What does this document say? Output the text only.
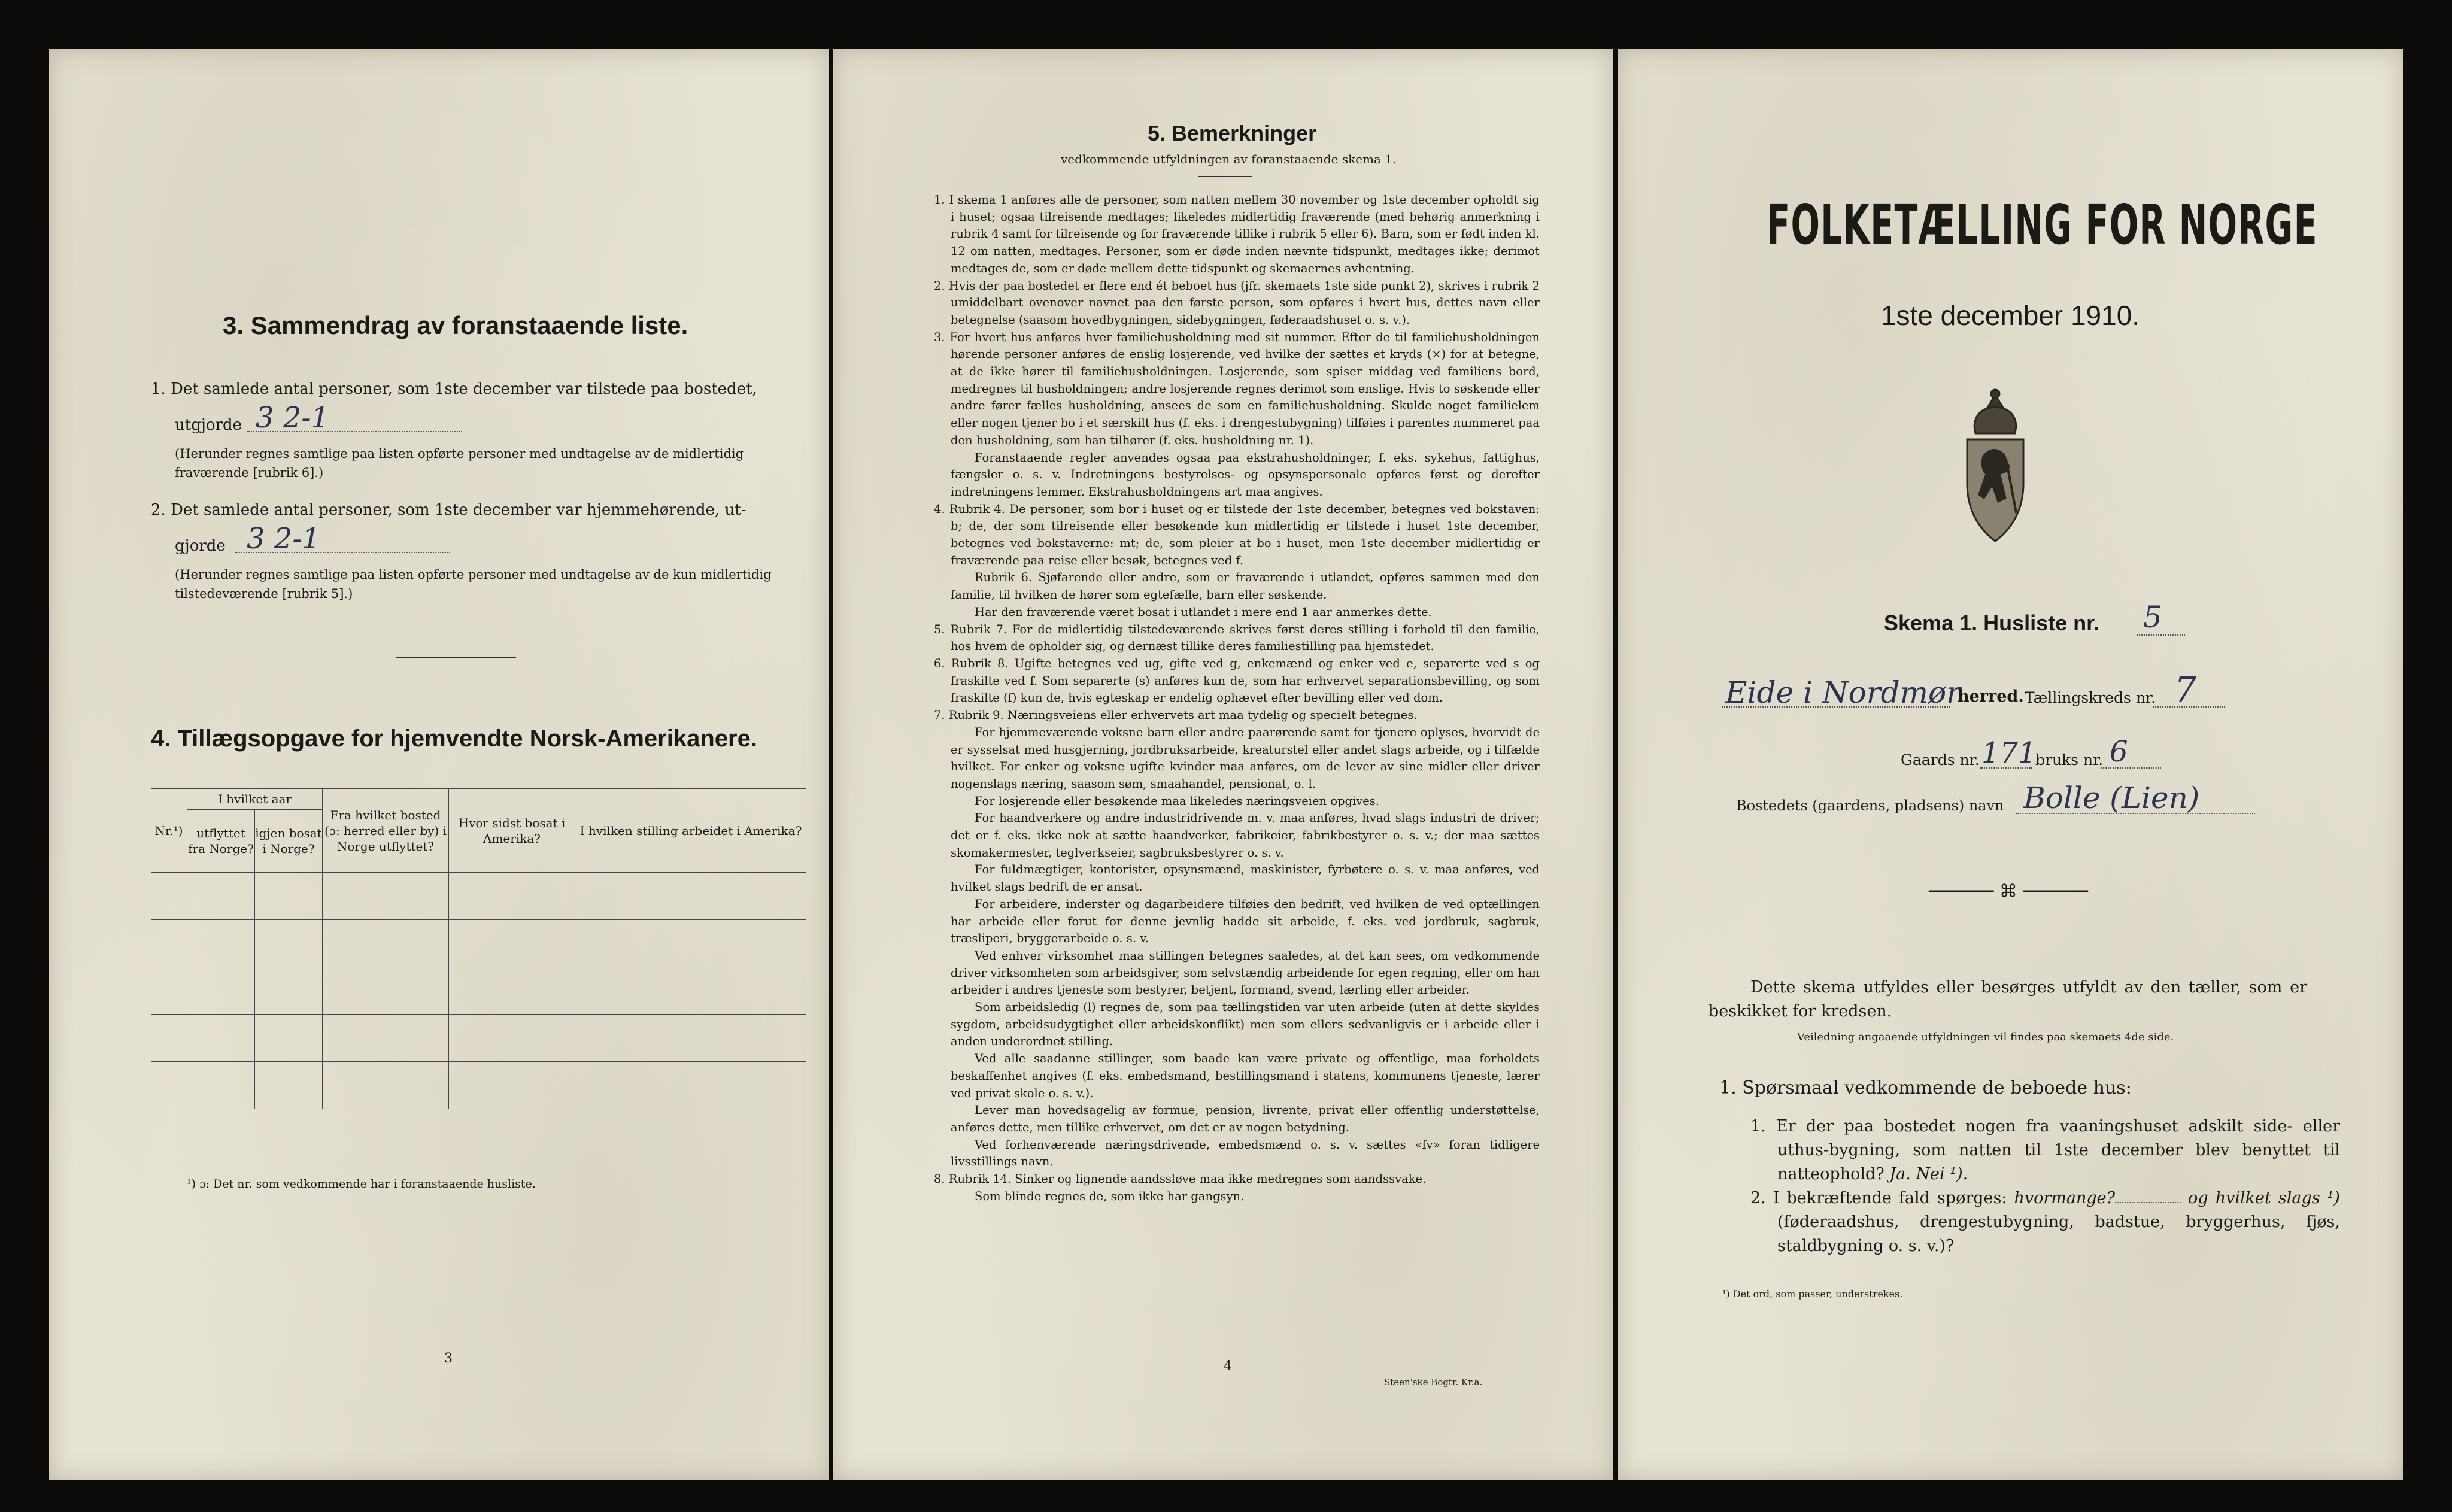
3. Sammendrag av foranstaaende liste.
1. Det samlede antal personer, som 1ste december var tilstede paa bostedet,
utgjorde 3 2-1
(Herunder regnes samtlige paa listen opførte personer med undtagelse av de midlertidig fraværende [rubrik 6].)
2. Det samlede antal personer, som 1ste december var hjemmehørende, ut-
gjorde 3 2-1
(Herunder regnes samtlige paa listen opførte personer med undtagelse av de kun midlertidig tilstedeværende [rubrik 5].)
4. Tillægsopgave for hjemvendte Norsk-Amerikanere.
Nr.¹)	I hvilket aar		Fra hvilket bosted (ɔ: herred eller by) i Norge utflyttet?	Hvor sidst bosat i Amerika?	I hvilken stilling arbeidet i Amerika?
	utflyttet fra Norge?	igjen bosat i Norge?			

¹) ɔ: Det nr. som vedkommende har i foranstaaende husliste.
3
5. Bemerkninger
vedkommende utfyldningen av foranstaaende skema 1.

1. I skema 1 anføres alle de personer, som natten mellem 30 november og 1ste december opholdt sig i huset; ogsaa tilreisende medtages; likeledes midlertidig fraværende (med behørig anmerkning i rubrik 4 samt for tilreisende og for fraværende tillike i rubrik 5 eller 6). Barn, som er født inden kl. 12 om natten, medtages. Personer, som er døde inden nævnte tidspunkt, medtages ikke; derimot medtages de, som er døde mellem dette tidspunkt og skemaernes avhentning.

2. Hvis der paa bostedet er flere end ét beboet hus (jfr. skemaets 1ste side punkt 2), skrives i rubrik 2 umiddelbart ovenover navnet paa den første person, som opføres i hvert hus, dettes navn eller betegnelse (saasom hovedbygningen, sidebygningen, føderaadshuset o. s. v.).

3. For hvert hus anføres hver familiehusholdning med sit nummer. Efter de til familiehusholdningen hørende personer anføres de enslig losjerende, ved hvilke der sættes et kryds (×) for at betegne, at de ikke hører til familiehusholdningen. Losjerende, som spiser middag ved familiens bord, medregnes til husholdningen; andre losjerende regnes derimot som enslige. Hvis to søskende eller andre fører fælles husholdning, ansees de som en familiehusholdning. Skulde noget familielem eller nogen tjener bo i et særskilt hus (f. eks. i drengestubygning) tilføies i parentes nummeret paa den husholdning, som han tilhører (f. eks. husholdning nr. 1).

Foranstaaende regler anvendes ogsaa paa ekstrahusholdninger, f. eks. sykehus, fattighus, fængsler o. s. v. Indretningens bestyrelses- og opsynspersonale opføres først og derefter indretningens lemmer. Ekstrahusholdningens art maa angives.

4. Rubrik 4. De personer, som bor i huset og er tilstede der 1ste december, betegnes ved bokstaven: b; de, der som tilreisende eller besøkende kun midlertidig er tilstede i huset 1ste december, betegnes ved bokstaverne: mt; de, som pleier at bo i huset, men 1ste december midlertidig er fraværende paa reise eller besøk, betegnes ved f.

Rubrik 6. Sjøfarende eller andre, som er fraværende i utlandet, opføres sammen med den familie, til hvilken de hører som egtefælle, barn eller søskende.

Har den fraværende været bosat i utlandet i mere end 1 aar anmerkes dette.

5. Rubrik 7. For de midlertidig tilstedeværende skrives først deres stilling i forhold til den familie, hos hvem de opholder sig, og dernæst tillike deres familiestilling paa hjemstedet.

6. Rubrik 8. Ugifte betegnes ved ug, gifte ved g, enkemænd og enker ved e, separerte ved s og fraskilte ved f. Som separerte (s) anføres kun de, som har erhvervet separationsbevilling, og som fraskilte (f) kun de, hvis egteskap er endelig ophævet efter bevilling eller ved dom.

7. Rubrik 9. Næringsveiens eller erhvervets art maa tydelig og specielt betegnes.

For hjemmeværende voksne barn eller andre paarørende samt for tjenere oplyses, hvorvidt de er sysselsat med husgjerning, jordbruksarbeide, kreaturstel eller andet slags arbeide, og i tilfælde hvilket. For enker og voksne ugifte kvinder maa anføres, om de lever av sine midler eller driver nogenslags næring, saasom søm, smaahandel, pensionat, o. l.

For losjerende eller besøkende maa likeledes næringsveien opgives.

For haandverkere og andre industridrivende m. v. maa anføres, hvad slags industri de driver; det er f. eks. ikke nok at sætte haandverker, fabrikeier, fabrikbestyrer o. s. v.; der maa sættes skomakermester, teglverkseier, sagbruksbestyrer o. s. v.

For fuldmægtiger, kontorister, opsynsmænd, maskinister, fyrbøtere o. s. v. maa anføres, ved hvilket slags bedrift de er ansat.

For arbeidere, inderster og dagarbeidere tilføies den bedrift, ved hvilken de ved optællingen har arbeide eller forut for denne jevnlig hadde sit arbeide, f. eks. ved jordbruk, sagbruk, træsliperi, bryggerarbeide o. s. v.

Ved enhver virksomhet maa stillingen betegnes saaledes, at det kan sees, om vedkommende driver virksomheten som arbeidsgiver, som selvstændig arbeidende for egen regning, eller om han arbeider i andres tjeneste som bestyrer, betjent, formand, svend, lærling eller arbeider.

Som arbeidsledig (l) regnes de, som paa tællingstiden var uten arbeide (uten at dette skyldes sygdom, arbeidsudygtighet eller arbeidskonflikt) men som ellers sedvanligvis er i arbeide eller i anden underordnet stilling.

Ved alle saadanne stillinger, som baade kan være private og offentlige, maa forholdets beskaffenhet angives (f. eks. embedsmand, bestillingsmand i statens, kommunens tjeneste, lærer ved privat skole o. s. v.).

Lever man hovedsagelig av formue, pension, livrente, privat eller offentlig understøttelse, anføres dette, men tillike erhvervet, om det er av nogen betydning.

Ved forhenværende næringsdrivende, embedsmænd o. s. v. sættes «fv» foran tidligere livsstillings navn.

8. Rubrik 14. Sinker og lignende aandssløve maa ikke medregnes som aandssvake.

Som blinde regnes de, som ikke har gangsyn.

4
Steen'ske Bogtr. Kr.a.
FOLKETÆLLING FOR NORGE
1ste december 1910.
Skema 1. Husliste nr. 5
Eide i Nordmør
herred. Tællingskreds nr. 7
Gaards nr. 171
bruks nr. 6
Bostedets (gaardens, pladsens) navn Bolle (Lien)
────── ⌘ ──────
Dette skema utfyldes eller besørges utfyldt av den tæller, som er beskikket for kredsen.
Veiledning angaaende utfyldningen vil findes paa skemaets 4de side.
1. Spørsmaal vedkommende de beboede hus:
1. Er der paa bostedet nogen fra vaaningshuset adskilt side- eller uthus-bygning, som natten til 1ste december blev benyttet til natteophold? Ja. Nei ¹).
2. I bekræftende fald spørges: hvormange?	og hvilket slags ¹) (føderaadshus, drengestubygning, badstue, bryggerhus, fjøs, staldbygning o. s. v.)?
¹) Det ord, som passer, understrekes.
